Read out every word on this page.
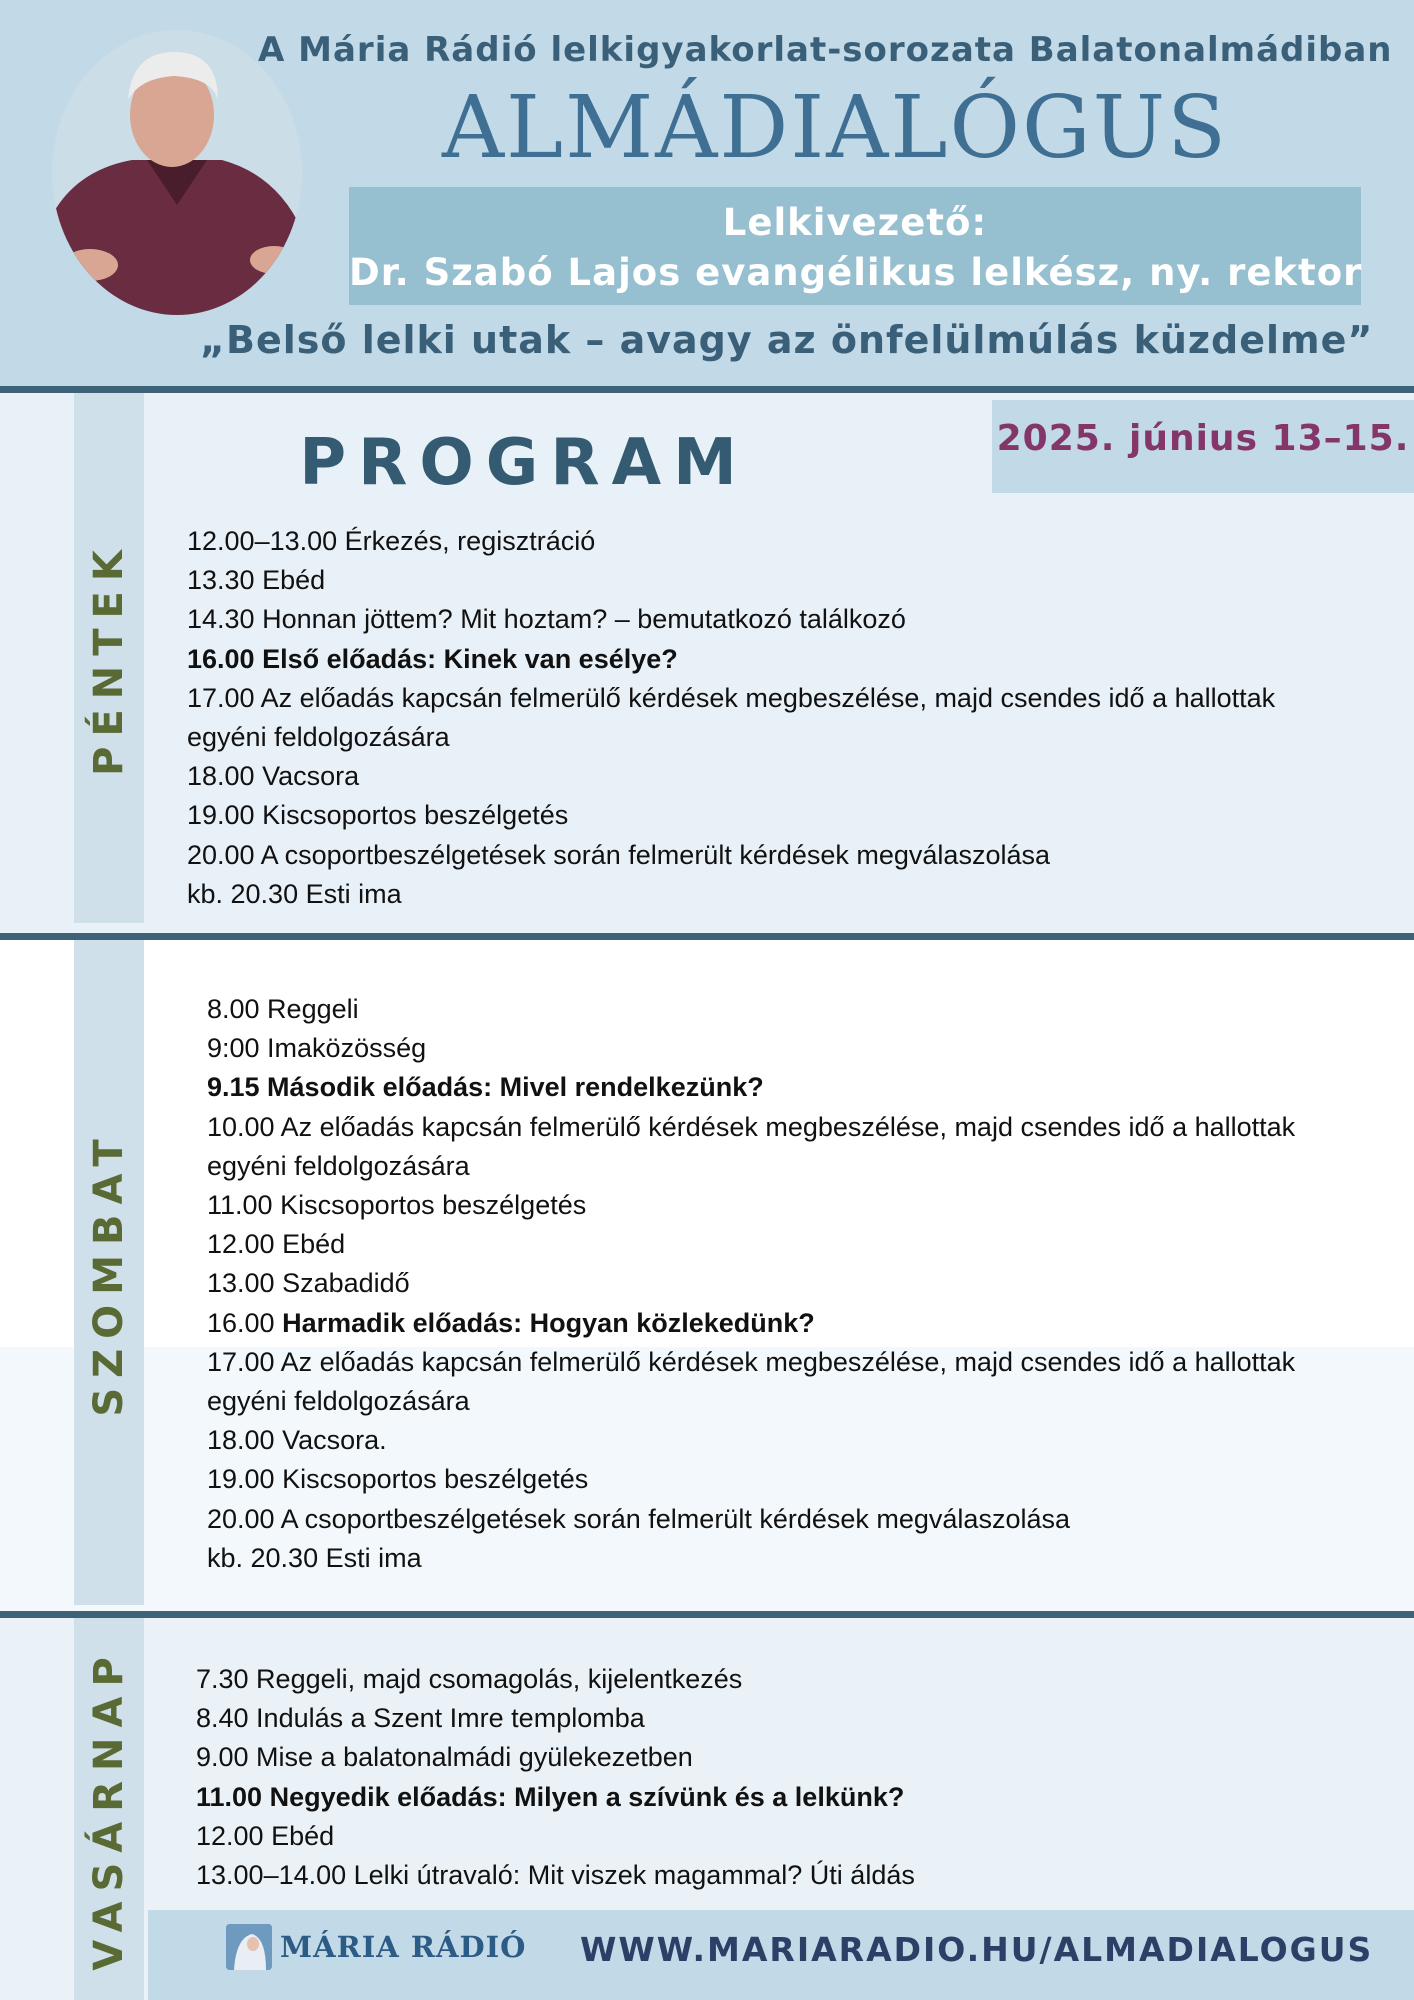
A Mária Rádió lelkigyakorlat-sorozata Balatonalmádiban
ALMÁDIALÓGUS
Lelkivezető:
Dr. Szabó Lajos evangélikus lelkész, ny. rektor
„Belső lelki utak – avagy az önfelülmúlás küzdelme”
PÉNTEK
2025. június 13–15.
PROGRAM
12.00–13.00 Érkezés, regisztráció
13.30 Ebéd
14.30 Honnan jöttem? Mit hoztam? – bemutatkozó találkozó
16.00 Első előadás: Kinek van esélye?
17.00 Az előadás kapcsán felmerülő kérdések megbeszélése, majd csendes idő a hallottak
egyéni feldolgozására
18.00 Vacsora
19.00 Kiscsoportos beszélgetés
20.00 A csoportbeszélgetések során felmerült kérdések megválaszolása
kb. 20.30 Esti ima
SZOMBAT
8.00 Reggeli
9:00 Imaközösség
9.15 Második előadás: Mivel rendelkezünk?
10.00 Az előadás kapcsán felmerülő kérdések megbeszélése, majd csendes idő a hallottak
egyéni feldolgozására
11.00 Kiscsoportos beszélgetés
12.00 Ebéd
13.00 Szabadidő
16.00 Harmadik előadás: Hogyan közlekedünk?
17.00 Az előadás kapcsán felmerülő kérdések megbeszélése, majd csendes idő a hallottak
egyéni feldolgozására
18.00 Vacsora.
19.00 Kiscsoportos beszélgetés
20.00 A csoportbeszélgetések során felmerült kérdések megválaszolása
kb. 20.30 Esti ima
VASÁRNAP 7.30 Reggeli, majd csomagolás, kijelentkezés
8.40 Indulás a Szent Imre templomba
9.00 Mise a balatonalmádi gyülekezetben
11.00 Negyedik előadás: Milyen a szívünk és a lelkünk?
12.00 Ebéd
13.00–14.00 Lelki útravaló: Mit viszek magammal? Úti áldás
MÁRIA RÁDIÓ WWW.MARIARADIO.HU/ALMADIALOGUS
